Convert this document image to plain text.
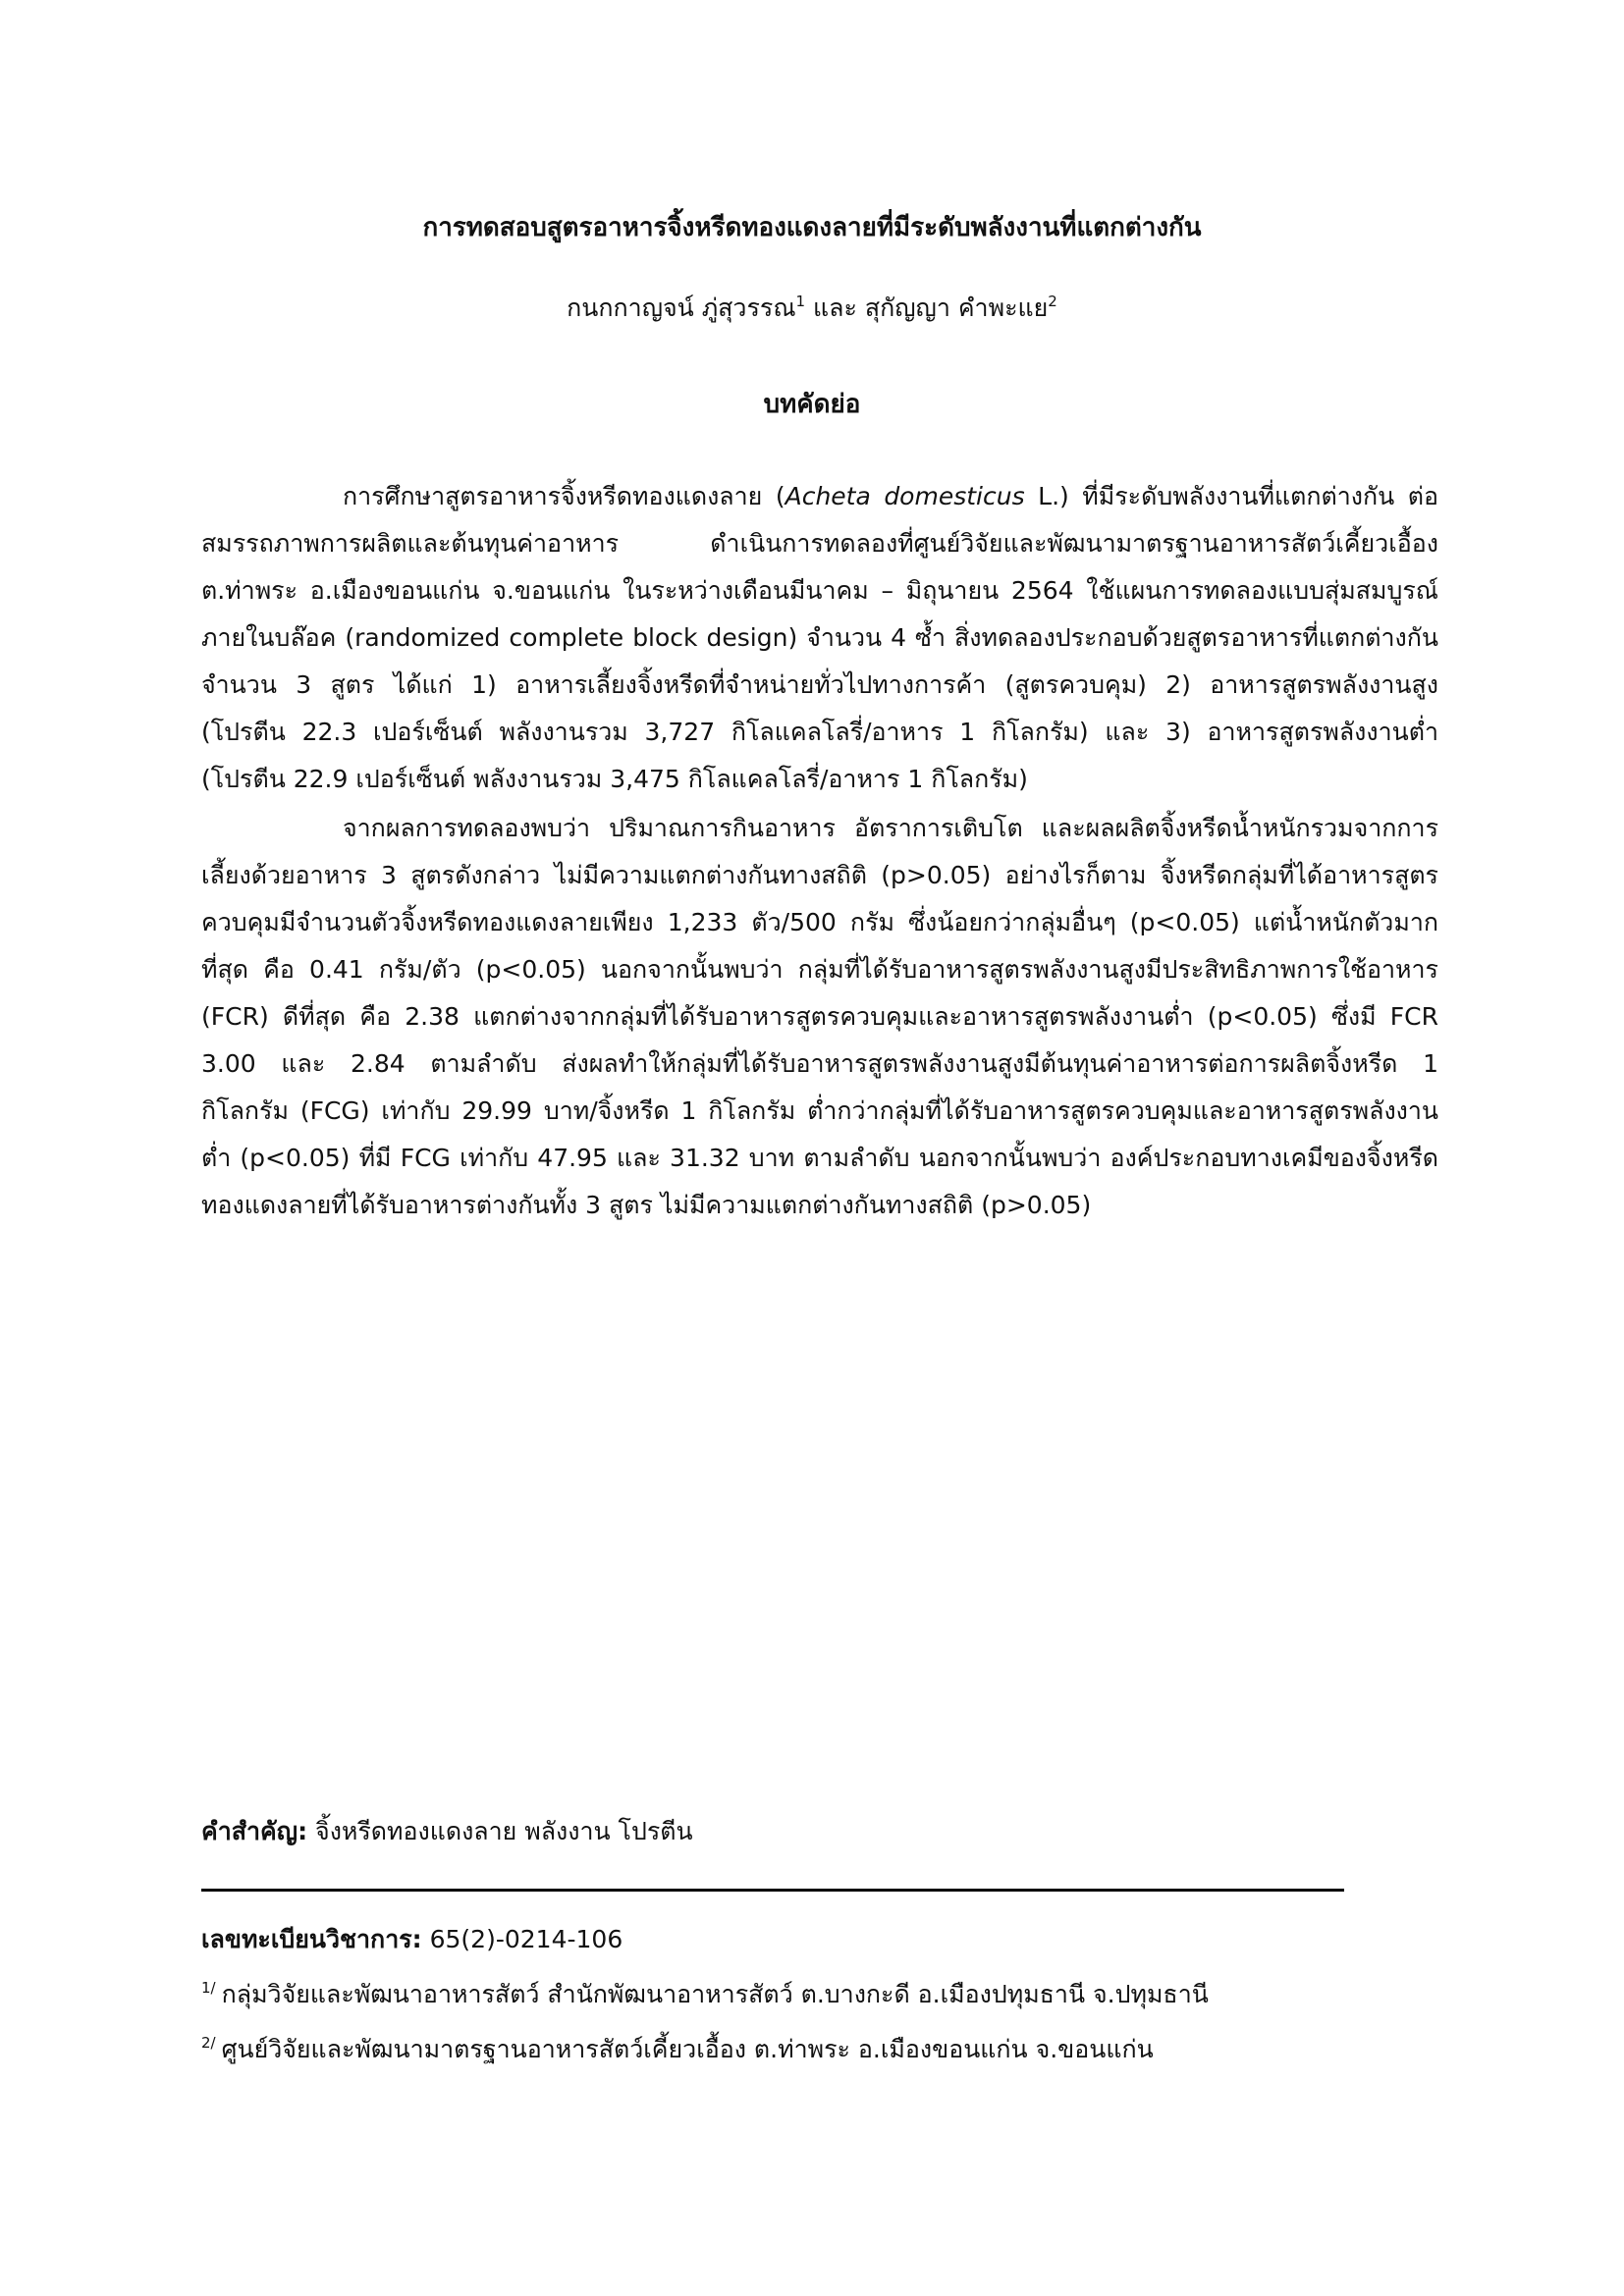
การทดสอบสูตรอาหารจิ้งหรีดทองแดงลายที่มีระดับพลังงานที่แตกต่างกัน
กนกกาญจน์ ภู่สุวรรณ$^1$ และ สุกัญญา คำพะแย$^2$
บทคัดย่อ

การศึกษาสูตรอาหารจิ้งหรีดทองแดงลาย (Acheta domesticus L.) ที่มีระดับพลังงานที่แตกต่างกัน ต่อสมรรถภาพการผลิตและต้นทุนค่าอาหาร ดำเนินการทดลองที่ศูนย์วิจัยและพัฒนามาตรฐานอาหารสัตว์เคี้ยวเอื้อง ต.ท่าพระ อ.เมืองขอนแก่น จ.ขอนแก่น ในระหว่างเดือนมีนาคม – มิถุนายน 2564 ใช้แผนการทดลองแบบสุ่มสมบูรณ์ภายในบล๊อค (randomized complete block design) จำนวน 4 ซ้ำ สิ่งทดลองประกอบด้วยสูตรอาหารที่แตกต่างกันจำนวน 3 สูตร ได้แก่ 1) อาหารเลี้ยงจิ้งหรีดที่จำหน่ายทั่วไปทางการค้า (สูตรควบคุม) 2) อาหารสูตรพลังงานสูง (โปรตีน 22.3 เปอร์เซ็นต์ พลังงานรวม 3,727 กิโลแคลโลรี่/อาหาร 1 กิโลกรัม) และ 3) อาหารสูตรพลังงานต่ำ (โปรตีน 22.9 เปอร์เซ็นต์ พลังงานรวม 3,475 กิโลแคลโลรี่/อาหาร 1 กิโลกรัม)

จากผลการทดลองพบว่า ปริมาณการกินอาหาร อัตราการเติบโต และผลผลิตจิ้งหรีดน้ำหนักรวมจากการเลี้ยงด้วยอาหาร 3 สูตรดังกล่าว ไม่มีความแตกต่างกันทางสถิติ (p>0.05) อย่างไรก็ตาม จิ้งหรีดกลุ่มที่ได้อาหารสูตรควบคุมมีจำนวนตัวจิ้งหรีดทองแดงลายเพียง 1,233 ตัว/500 กรัม ซึ่งน้อยกว่ากลุ่มอื่นๆ (p<0.05) แต่น้ำหนักตัวมากที่สุด คือ 0.41 กรัม/ตัว (p<0.05) นอกจากนั้นพบว่า กลุ่มที่ได้รับอาหารสูตรพลังงานสูงมีประสิทธิภาพการใช้อาหาร (FCR) ดีที่สุด คือ 2.38 แตกต่างจากกลุ่มที่ได้รับอาหารสูตรควบคุมและอาหารสูตรพลังงานต่ำ (p<0.05) ซึ่งมี FCR 3.00 และ 2.84 ตามลำดับ ส่งผลทำให้กลุ่มที่ได้รับอาหารสูตรพลังงานสูงมีต้นทุนค่าอาหารต่อการผลิตจิ้งหรีด 1 กิโลกรัม (FCG) เท่ากับ 29.99 บาท/จิ้งหรีด 1 กิโลกรัม ต่ำกว่ากลุ่มที่ได้รับอาหารสูตรควบคุมและอาหารสูตรพลังงานต่ำ (p<0.05) ที่มี FCG เท่ากับ 47.95 และ 31.32 บาท ตามลำดับ นอกจากนั้นพบว่า องค์ประกอบทางเคมีของจิ้งหรีดทองแดงลายที่ได้รับอาหารต่างกันทั้ง 3 สูตร ไม่มีความแตกต่างกันทางสถิติ (p>0.05)

คำสำคัญ: จิ้งหรีดทองแดงลาย พลังงาน โปรตีน
เลขทะเบียนวิชาการ: 65(2)-0214-106
$^{1/}$ กลุ่มวิจัยและพัฒนาอาหารสัตว์ สำนักพัฒนาอาหารสัตว์ ต.บางกะดี อ.เมืองปทุมธานี จ.ปทุมธานี
$^{2/}$ ศูนย์วิจัยและพัฒนามาตรฐานอาหารสัตว์เคี้ยวเอื้อง ต.ท่าพระ อ.เมืองขอนแก่น จ.ขอนแก่น
